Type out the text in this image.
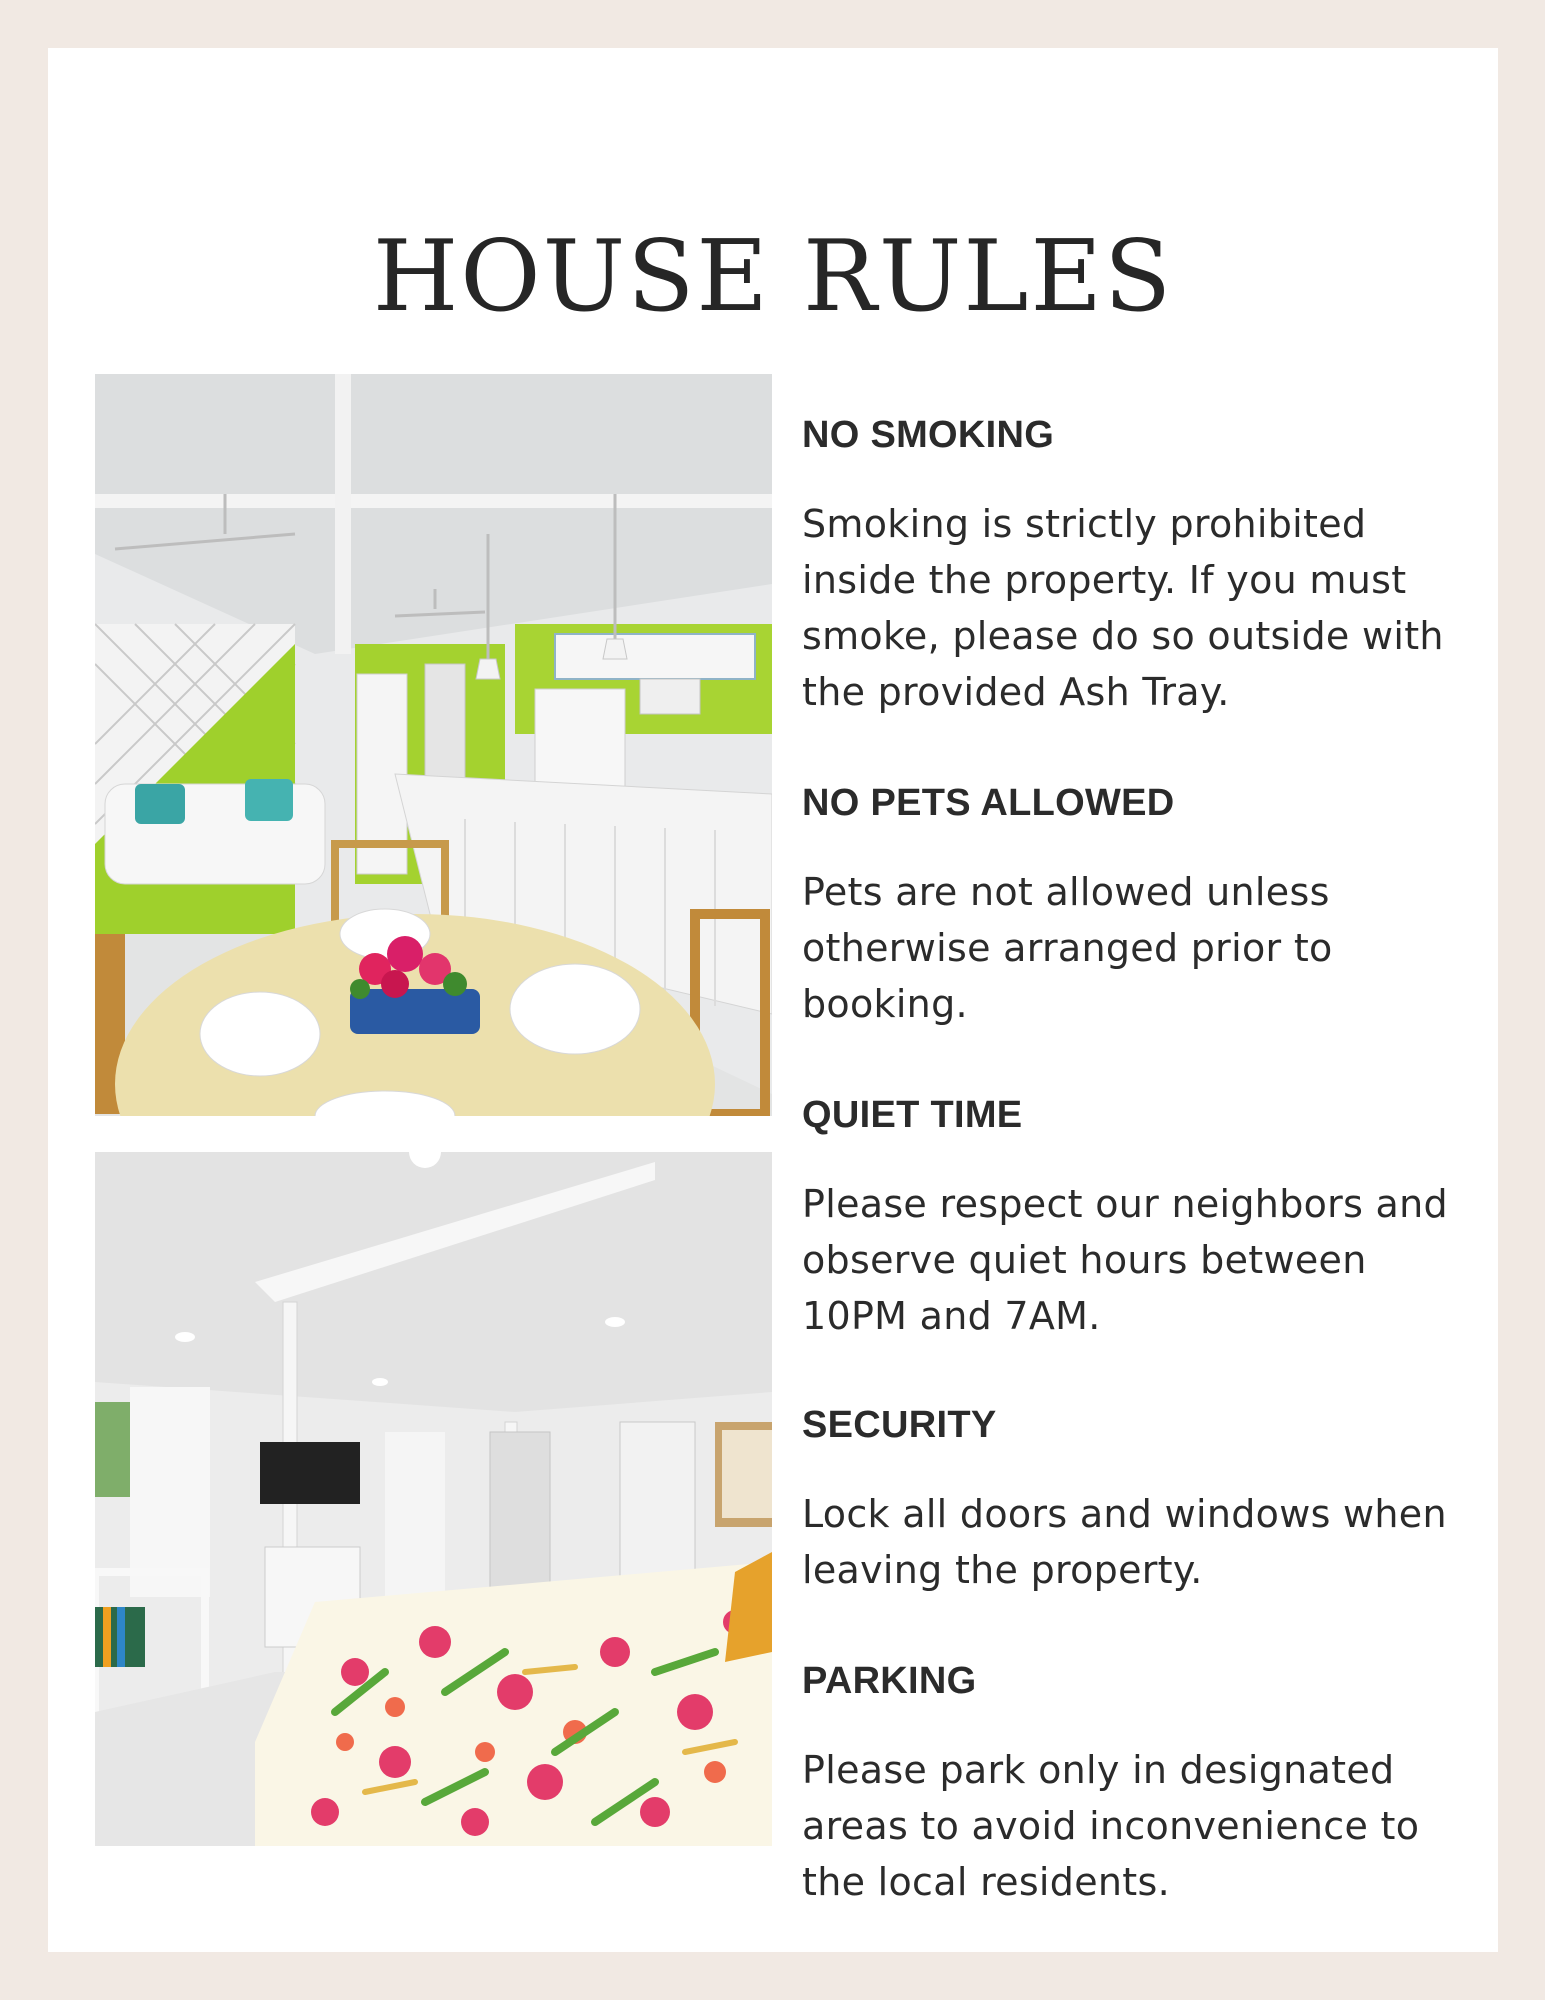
HOUSE RULES
NO SMOKING

Smoking is strictly prohibited inside the property. If you must smoke, please do so outside with the provided Ash Tray.

NO PETS ALLOWED

Pets are not allowed unless otherwise arranged prior to booking.

QUIET TIME

Please respect our neighbors and observe quiet hours between 10PM and 7AM.

SECURITY

Lock all doors and windows when leaving the property.

PARKING

Please park only in designated areas to avoid inconvenience to the local residents.
